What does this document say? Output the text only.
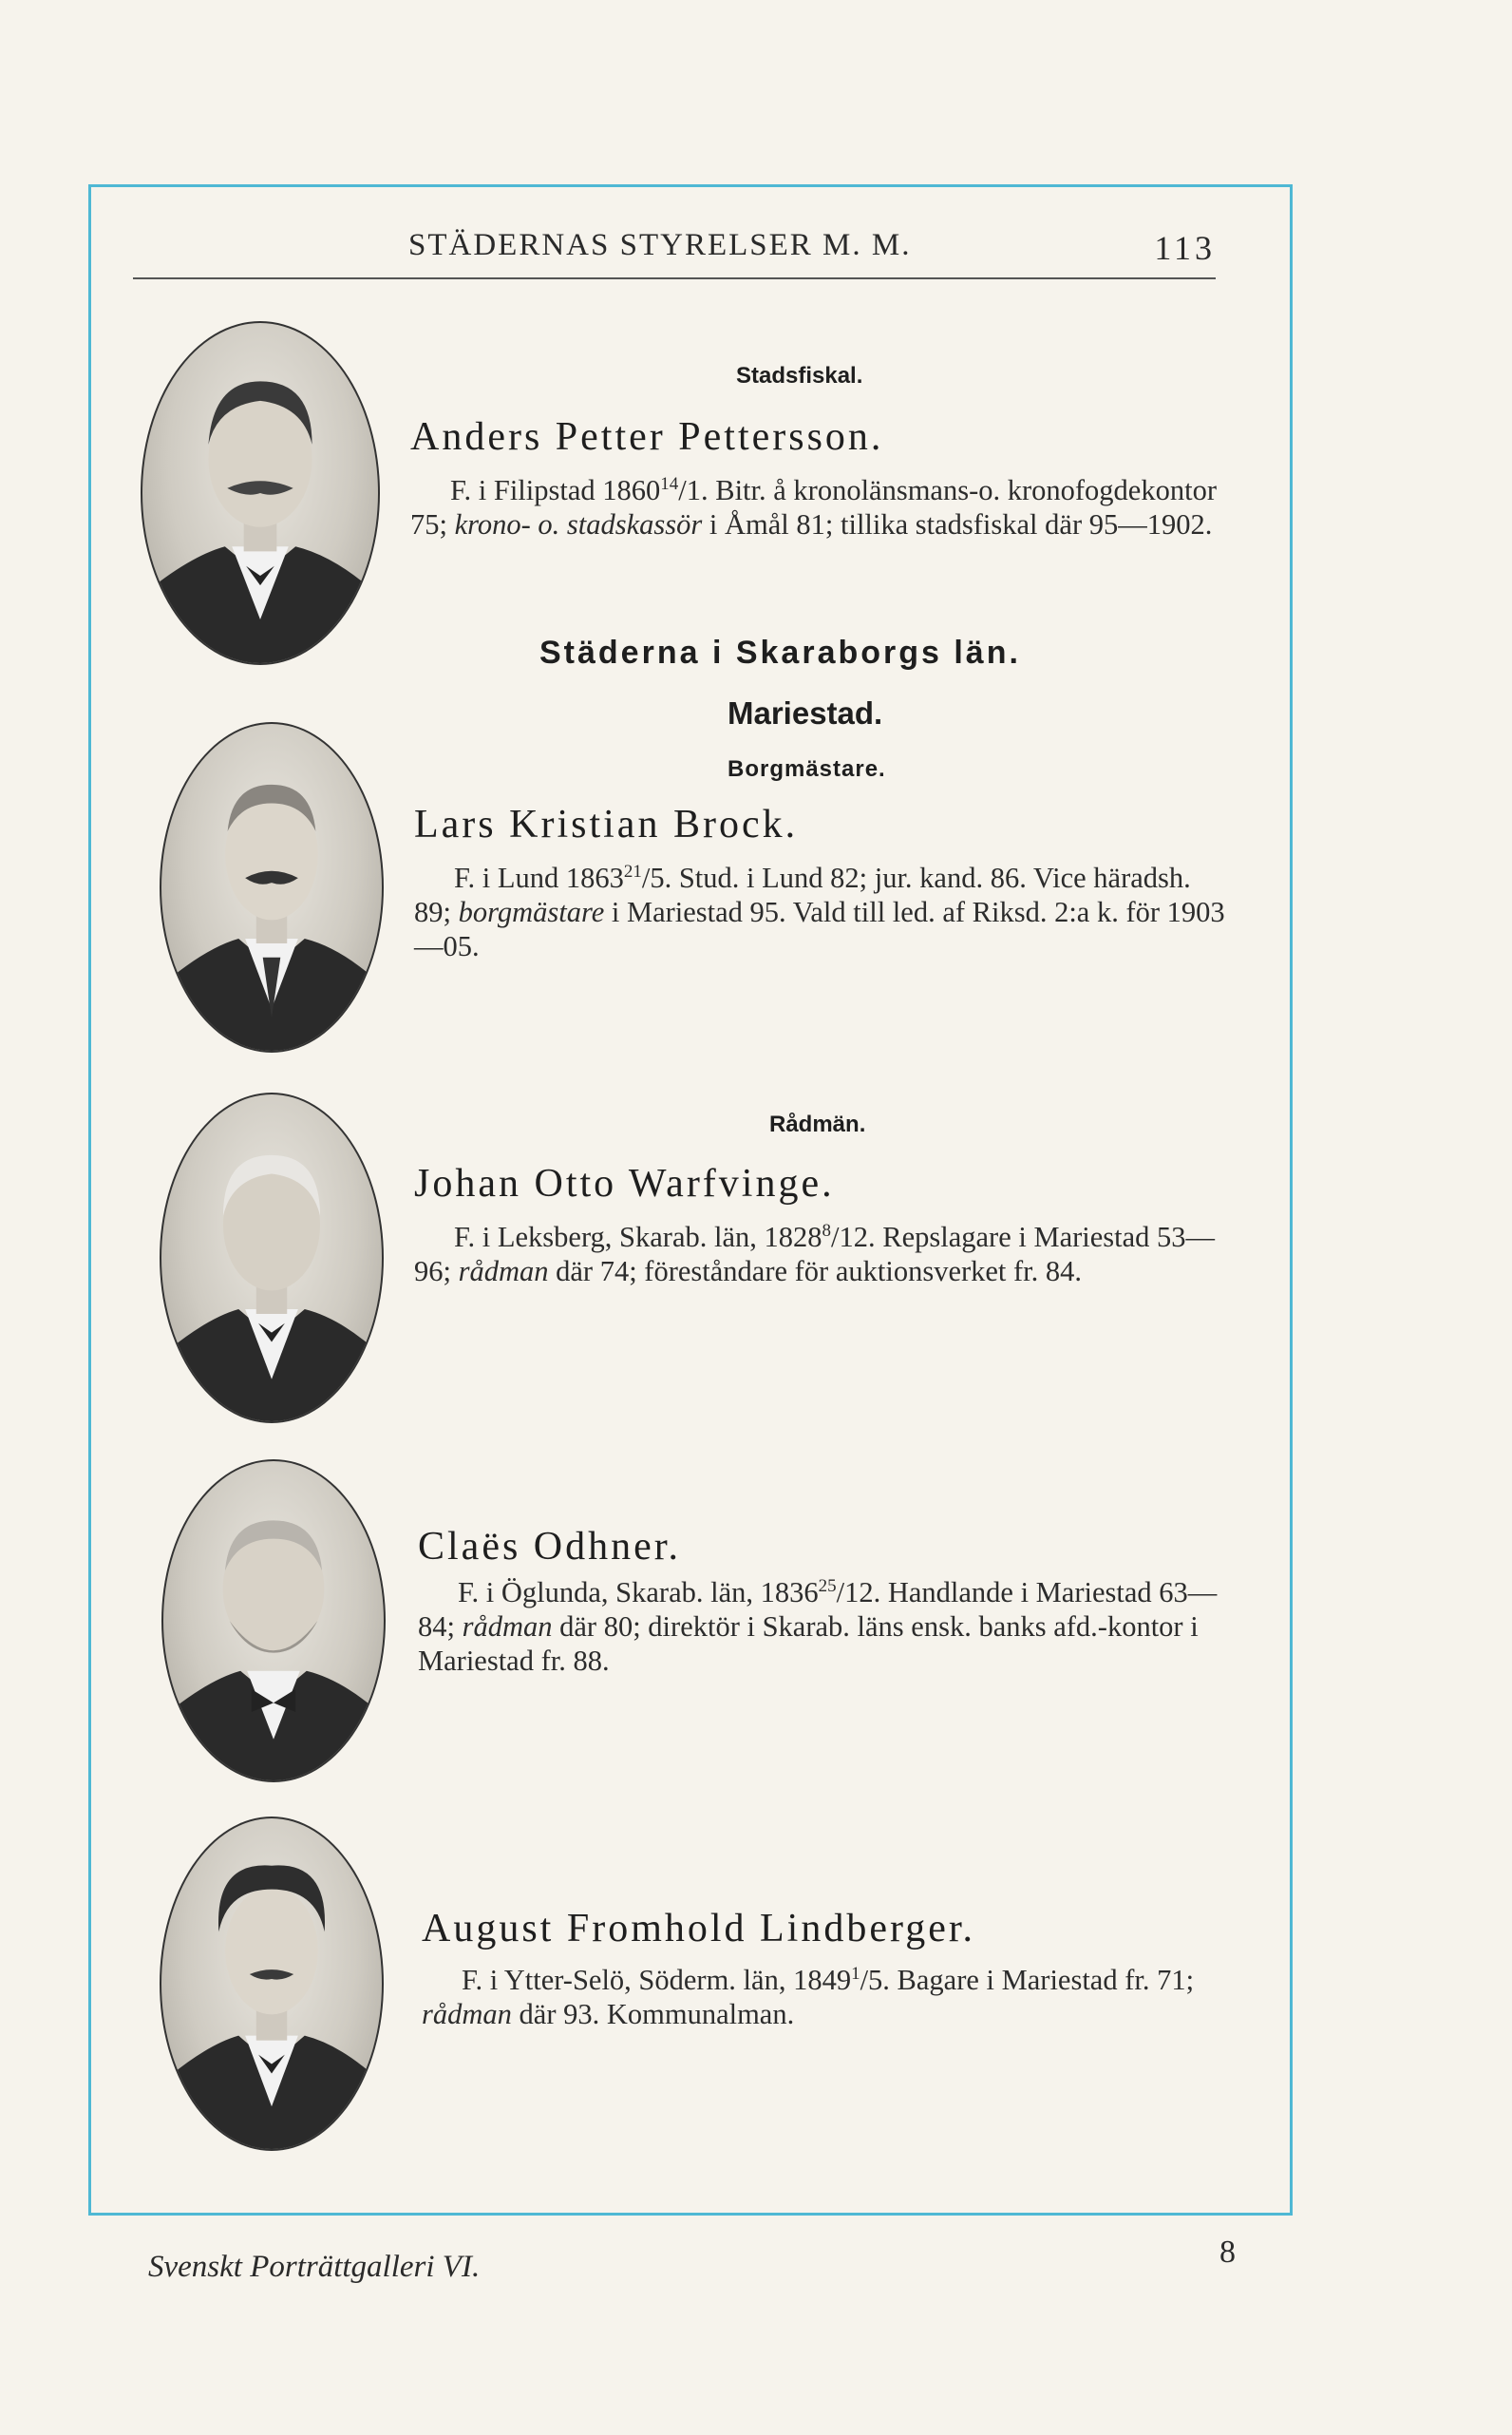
STÄDERNAS STYRELSER M. M.	113
Stadsfiskal.
Städerna i Skaraborgs län.
Mariestad.
Borgmästare.
Rådmän.
Anders Petter Pettersson.
F. i Filipstad 1860$^{14}$/1. Bitr. å kronolänsmans-o. kronofogdekontor 75; krono- o. stadskassör i Åmål 81; tillika stadsfiskal där 95—1902.
Lars Kristian Brock.
F. i Lund 1863$^{21}$/5. Stud. i Lund 82; jur. kand. 86. Vice häradsh. 89; borgmästare i Mariestad 95. Vald till led. af Riksd. 2:a k. för 1903—05.
Johan Otto Warfvinge.
F. i Leksberg, Skarab. län, 1828$^8$/12. Repslagare i Mariestad 53—96; rådman där 74; föreståndare för auktionsverket fr. 84.
Claës Odhner.
F. i Öglunda, Skarab. län, 1836$^{25}$/12. Handlande i Mariestad 63—84; rådman där 80; direktör i Skarab. läns ensk. banks afd.-kontor i Mariestad fr. 88.
August Fromhold Lindberger.
F. i Ytter-Selö, Söderm. län, 1849$^1$/5. Bagare i Mariestad fr. 71; rådman där 93. Kommunalman.
Svenskt Porträttgalleri VI.	8
